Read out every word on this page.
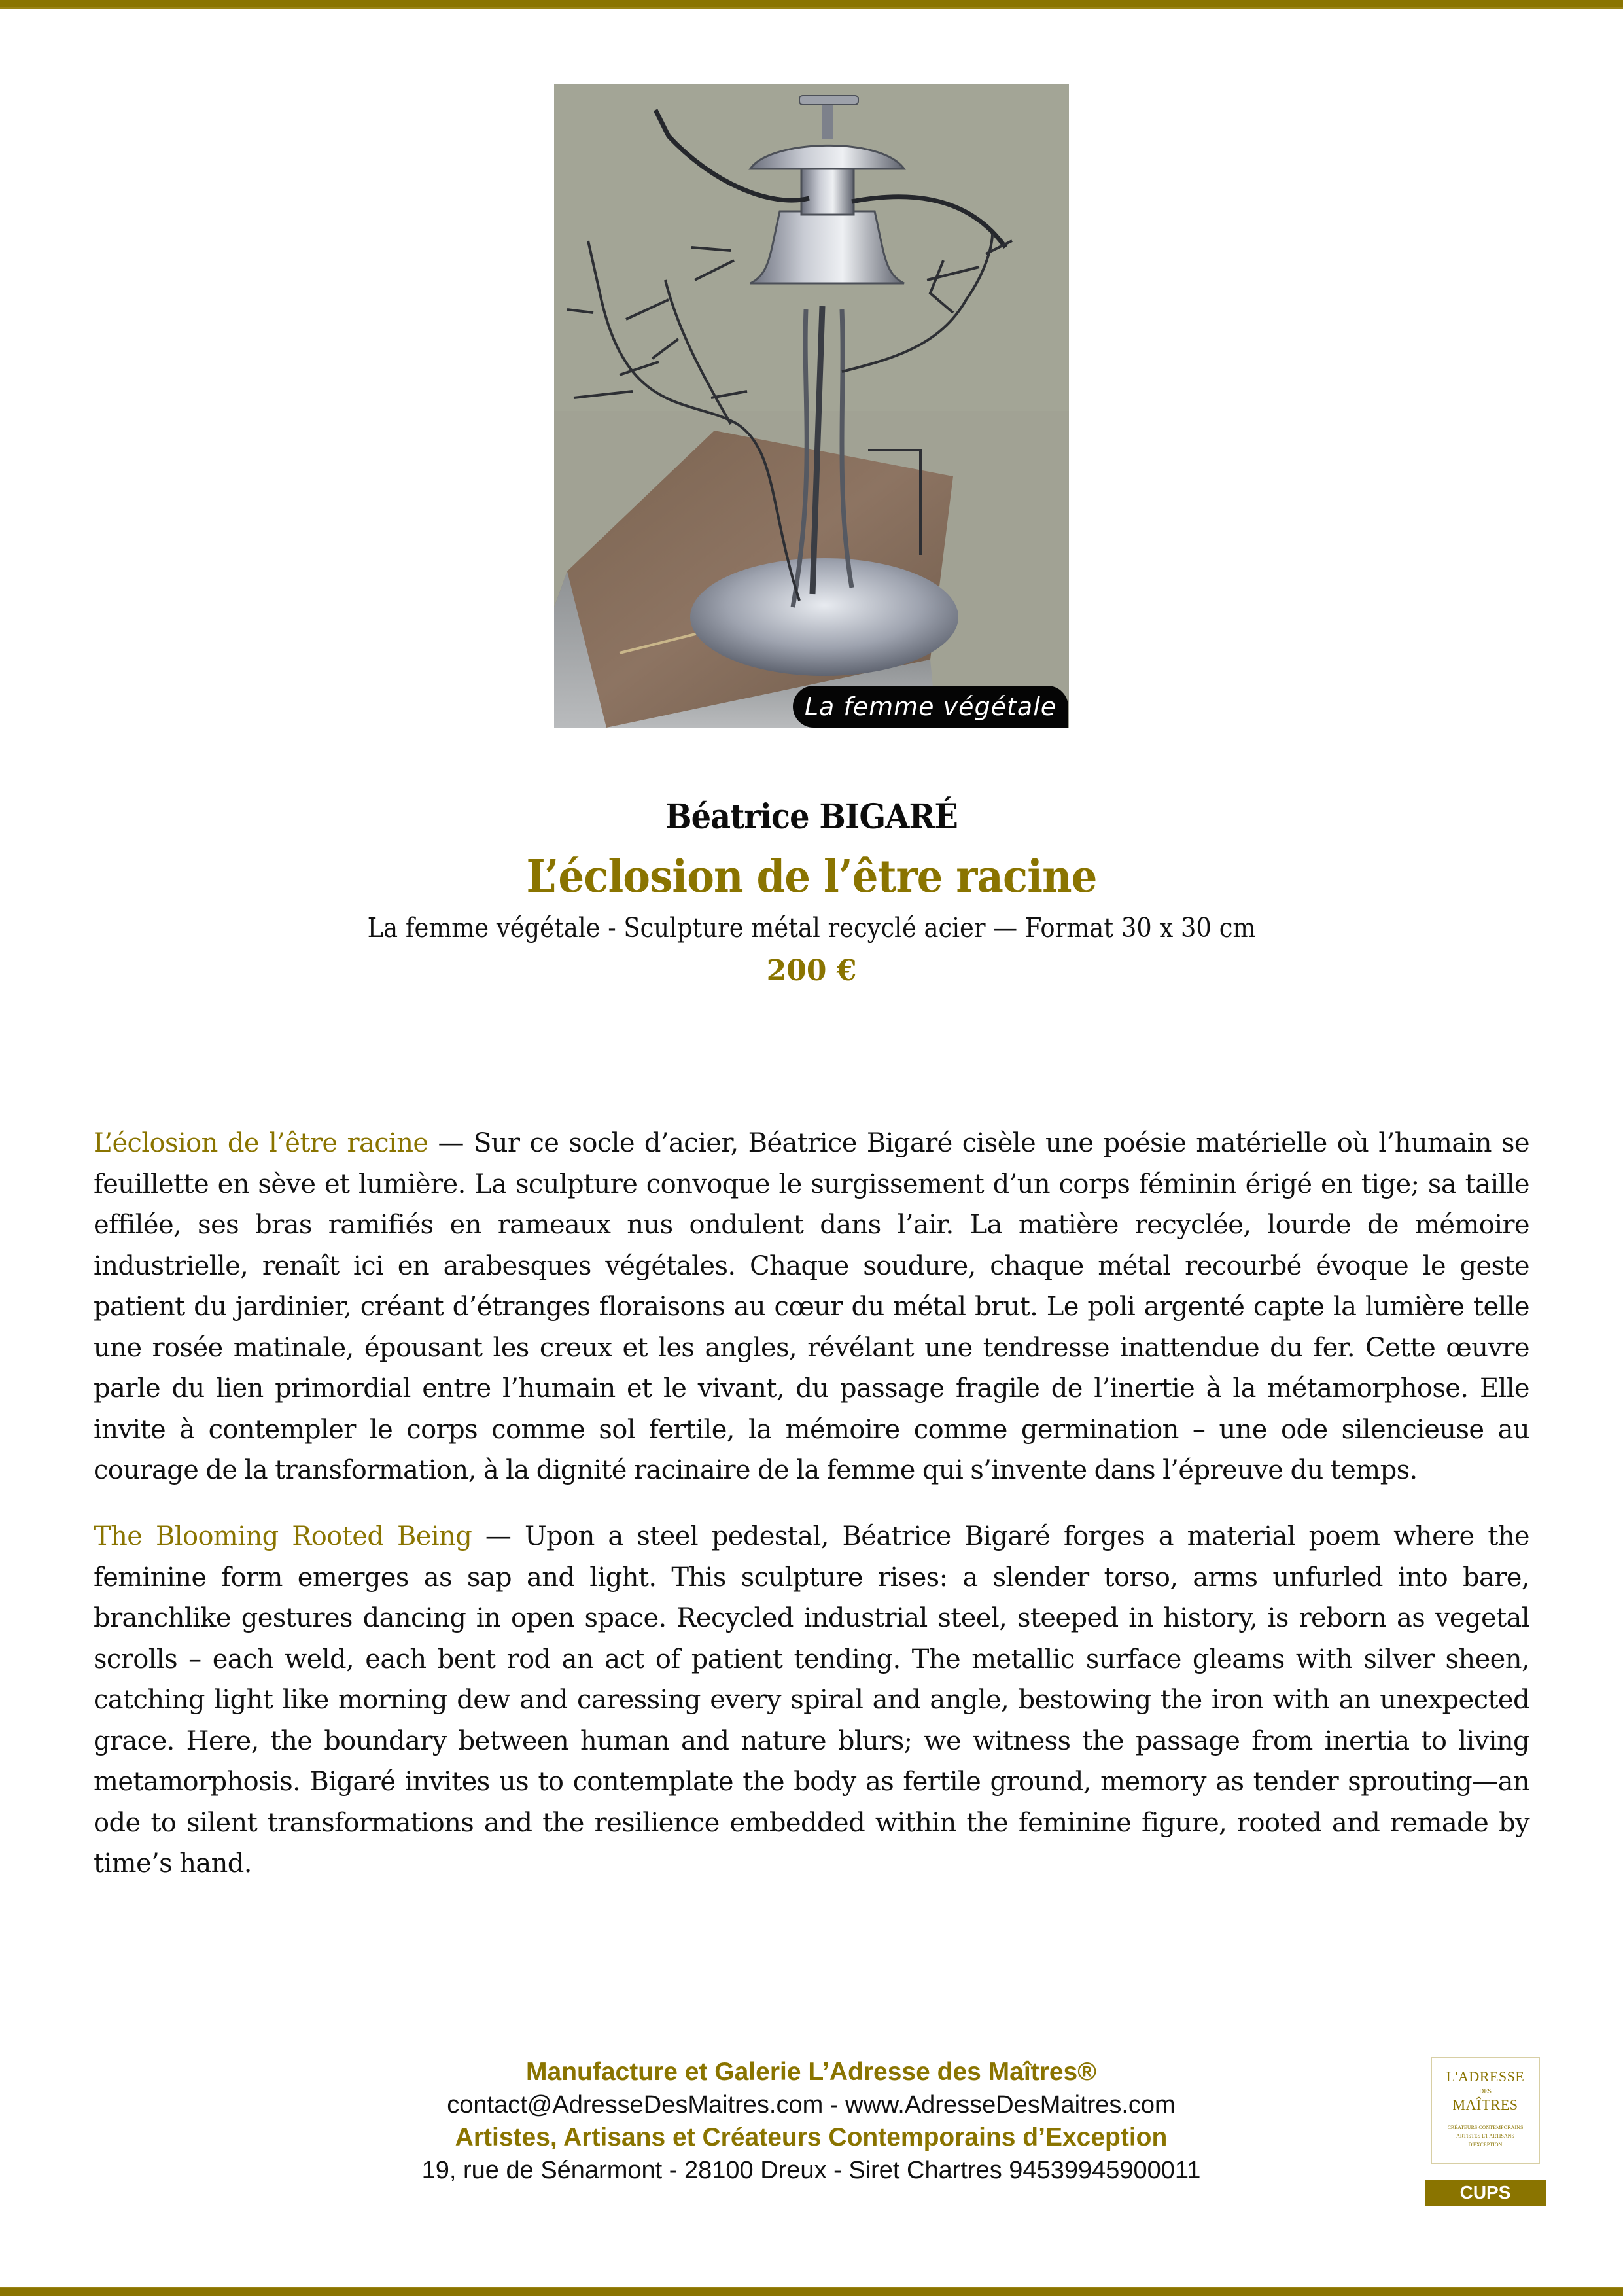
La femme végétale
Béatrice BIGARÉ
L’éclosion de l’être racine
La femme végétale - Sculpture métal recyclé acier — Format 30 x 30 cm
200 €

L’éclosion de l’être racine — Sur ce socle d’acier, Béatrice Bigaré cisèle une poésie matérielle où l’humain se feuillette en sève et lumière. La sculpture convoque le surgissement d’un corps féminin érigé en tige; sa taille effilée, ses bras ramifiés en rameaux nus ondulent dans l’air. La matière recyclée, lourde de mémoire industrielle, renaît ici en arabesques végétales. Chaque soudure, chaque métal recourbé évoque le geste patient du jardinier, créant d’étranges floraisons au cœur du métal brut. Le poli argenté capte la lumière telle une rosée matinale, épousant les creux et les angles, révélant une tendresse inattendue du fer. Cette œuvre parle du lien primordial entre l’humain et le vivant, du passage fragile de l’inertie à la métamorphose. Elle invite à contempler le corps comme sol fertile, la mémoire comme germination – une ode silencieuse au courage de la transformation, à la dignité racinaire de la femme qui s’invente dans l’épreuve du temps.

The Blooming Rooted Being — Upon a steel pedestal, Béatrice Bigaré forges a material poem where the feminine form emerges as sap and light. This sculpture rises: a slender torso, arms unfurled into bare, branchlike gestures dancing in open space. Recycled industrial steel, steeped in history, is reborn as vegetal scrolls – each weld, each bent rod an act of patient tending. The metallic surface gleams with silver sheen, catching light like morning dew and caressing every spiral and angle, bestowing the iron with an unexpected grace. Here, the boundary between human and nature blurs; we witness the passage from inertia to living metamorphosis. Bigaré invites us to contemplate the body as fertile ground, memory as tender sprouting—an ode to silent transformations and the resilience embedded within the feminine figure, rooted and remade by time’s hand.

Manufacture et Galerie L’Adresse des Maîtres®
contact@AdresseDesMaitres.com - www.AdresseDesMaitres.com
Artistes, Artisans et Créateurs Contemporains d’Exception
19, rue de Sénarmont - 28100 Dreux - Siret Chartres 94539945900011
L'ADRESSE
DES
MAÎTRES
CRÉATEURS CONTEMPORAINS
ARTISTES ET ARTISANS
D'EXCEPTION
CUPS
